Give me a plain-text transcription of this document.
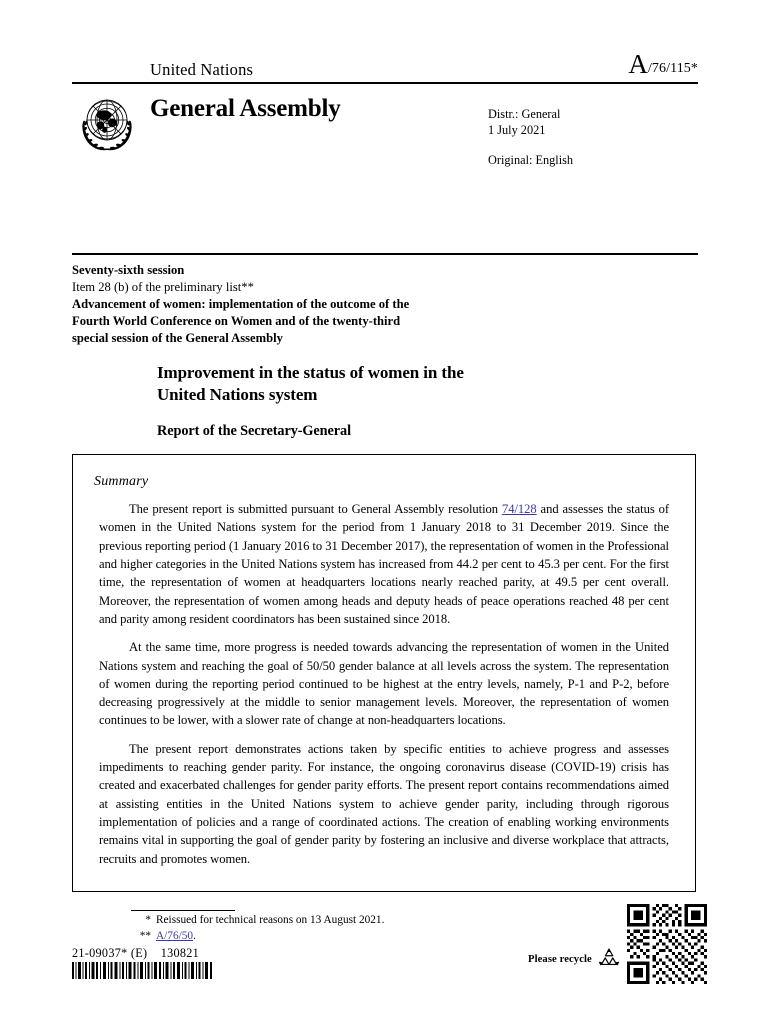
United Nations	A/76/115*
General Assembly	Distr.: General
1 July 2021
Original: English
Seventy-sixth session
Item 28 (b) of the preliminary list**
Advancement of women: implementation of the outcome of the
Fourth World Conference on Women and of the twenty-third
special session of the General Assembly
Improvement in the status of women in the
United Nations system
Report of the Secretary-General
Summary

The present report is submitted pursuant to General Assembly resolution 74/128 and assesses the status of women in the United Nations system for the period from 1 January 2018 to 31 December 2019. Since the previous reporting period (1 January 2016 to 31 December 2017), the representation of women in the Professional and higher categories in the United Nations system has increased from 44.2 per cent to 45.3 per cent. For the first time, the representation of women at headquarters locations nearly reached parity, at 49.5 per cent overall. Moreover, the representation of women among heads and deputy heads of peace operations reached 48 per cent and parity among resident coordinators has been sustained since 2018.

At the same time, more progress is needed towards advancing the representation of women in the United Nations system and reaching the goal of 50/50 gender balance at all levels across the system. The representation of women during the reporting period continued to be highest at the entry levels, namely, P-1 and P-2, before decreasing progressively at the middle to senior management levels. Moreover, the representation of women continues to be lower, with a slower rate of change at non-headquarters locations.

The present report demonstrates actions taken by specific entities to achieve progress and assesses impediments to reaching gender parity. For instance, the ongoing coronavirus disease (COVID-19) crisis has created and exacerbated challenges for gender parity efforts. The present report contains recommendations aimed at assisting entities in the United Nations system to achieve gender parity, including through rigorous implementation of policies and a range of coordinated actions. The creation of enabling working environments remains vital in supporting the goal of gender parity by fostering an inclusive and diverse workplace that attracts, recruits and promotes women.

* Reissued for technical reasons on 13 August 2021.
** A/76/50.
21-09037* (E)    130821	Please recycle
